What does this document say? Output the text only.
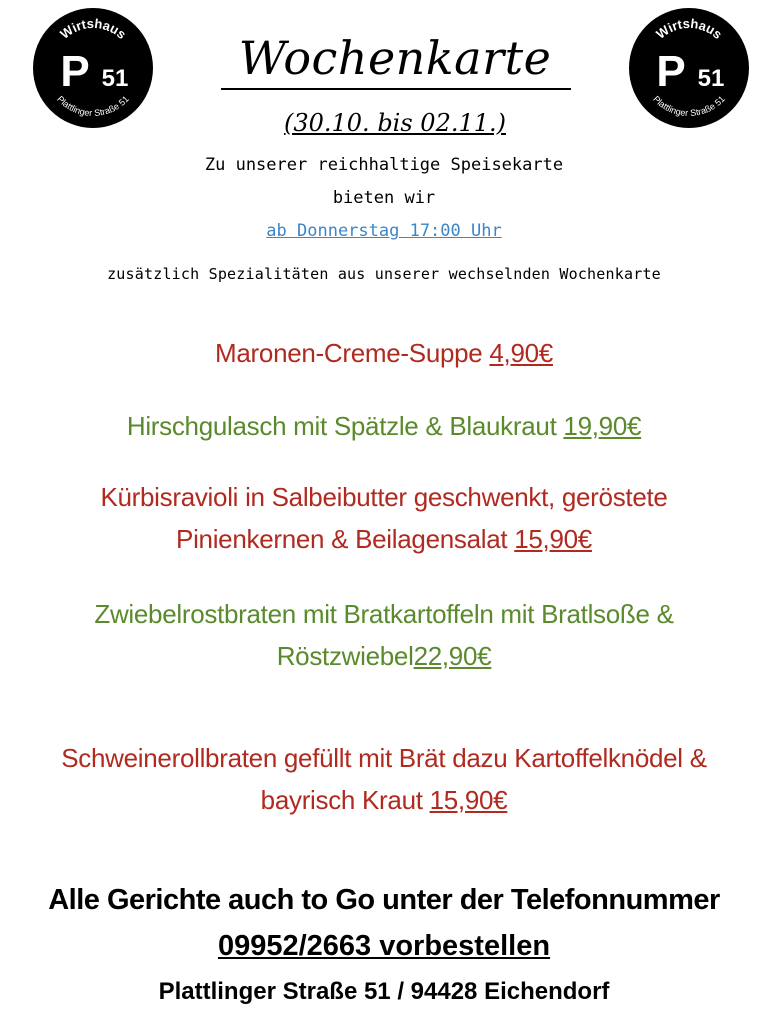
Wirtshaus
P 51
Plattlinger Straße 51
Wirtshaus
P 51
Plattlinger Straße 51
Wochenkarte
(30.10. bis 02.11.)
Zu unserer reichhaltige Speisekarte
bieten wir
ab Donnerstag 17:00 Uhr
zusätzlich Spezialitäten aus unserer wechselnden Wochenkarte
Maronen-Creme-Suppe 4,90€
Hirschgulasch mit Spätzle & Blaukraut 19,90€
Kürbisravioli in Salbeibutter geschwenkt, geröstete
Pinienkernen & Beilagensalat 15,90€
Zwiebelrostbraten mit Bratkartoffeln mit Bratlsoße &
Röstzwiebel22,90€
Schweinerollbraten gefüllt mit Brät dazu Kartoffelknödel &
bayrisch Kraut 15,90€
Alle Gerichte auch to Go unter der Telefonnummer
09952/2663 vorbestellen
Plattlinger Straße 51 / 94428 Eichendorf
